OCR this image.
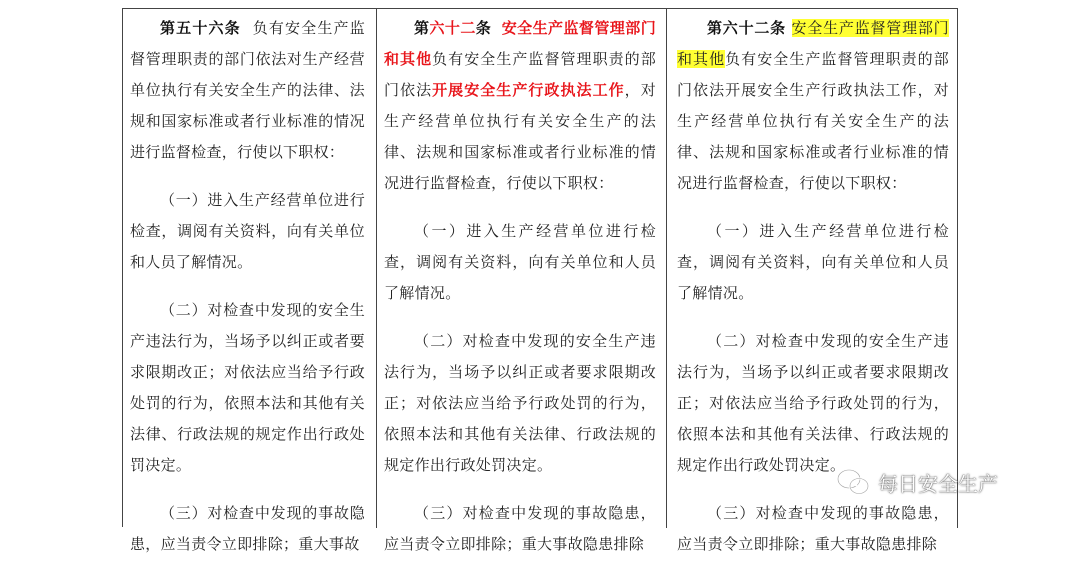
第五十六条 负有安全生产监督管理职责的部门依法对生产经营单位执行有关安全生产的法律、法规和国家标准或者行业标准的情况进行监督检查，行使以下职权：

（一）进入生产经营单位进行检查，调阅有关资料，向有关单位和人员了解情况。

（二）对检查中发现的安全生产违法行为，当场予以纠正或者要求限期改正；对依法应当给予行政处罚的行为，依照本法和其他有关法律、行政法规的规定作出行政处罚决定。

（三）对检查中发现的事故隐患，应当责令立即排除；重大事故

第六十二条 安全生产监督管理部门和其他负有安全生产监督管理职责的部门依法开展安全生产行政执法工作，对生产经营单位执行有关安全生产的法律、法规和国家标准或者行业标准的情况进行监督检查，行使以下职权：

（一）进入生产经营单位进行检查，调阅有关资料，向有关单位和人员了解情况。

（二）对检查中发现的安全生产违法行为，当场予以纠正或者要求限期改正；对依法应当给予行政处罚的行为，依照本法和其他有关法律、行政法规的规定作出行政处罚决定。

（三）对检查中发现的事故隐患，应当责令立即排除；重大事故隐患排除

第六十二条 安全生产监督管理部门和其他负有安全生产监督管理职责的部门依法开展安全生产行政执法工作，对生产经营单位执行有关安全生产的法律、法规和国家标准或者行业标准的情况进行监督检查，行使以下职权：

（一）进入生产经营单位进行检查，调阅有关资料，向有关单位和人员了解情况。

（二）对检查中发现的安全生产违法行为，当场予以纠正或者要求限期改正；对依法应当给予行政处罚的行为，依照本法和其他有关法律、行政法规的规定作出行政处罚决定。

（三）对检查中发现的事故隐患，应当责令立即排除；重大事故隐患排除

每日安全生产
